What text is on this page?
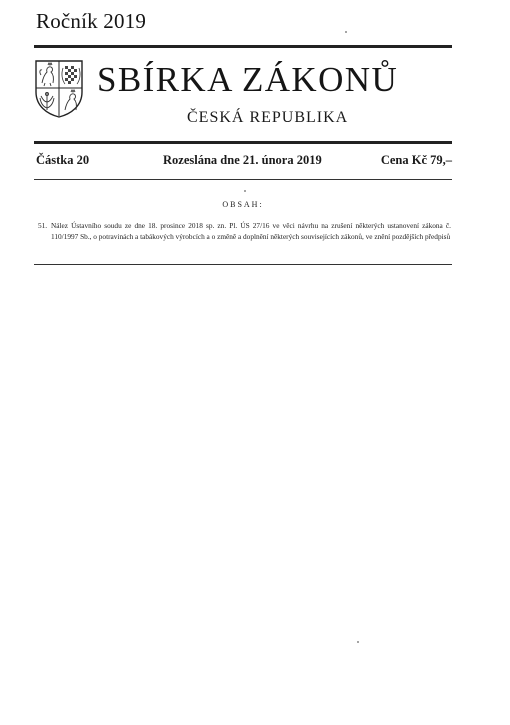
Ročník 2019
SBÍRKA ZÁKONŮ
ČESKÁ REPUBLIKA
Částka 20	Rozeslána dne 21. února 2019	Cena Kč 79,–
OBSAH:
51. Nález Ústavního soudu ze dne 18. prosince 2018 sp. zn. Pl. ÚS 27/16 ve věci návrhu na zrušení některých ustanovení zákona č. 110/1997 Sb., o potravinách a tabákových výrobcích a o změně a doplnění některých souvisejících zákonů, ve znění pozdějších předpisů
